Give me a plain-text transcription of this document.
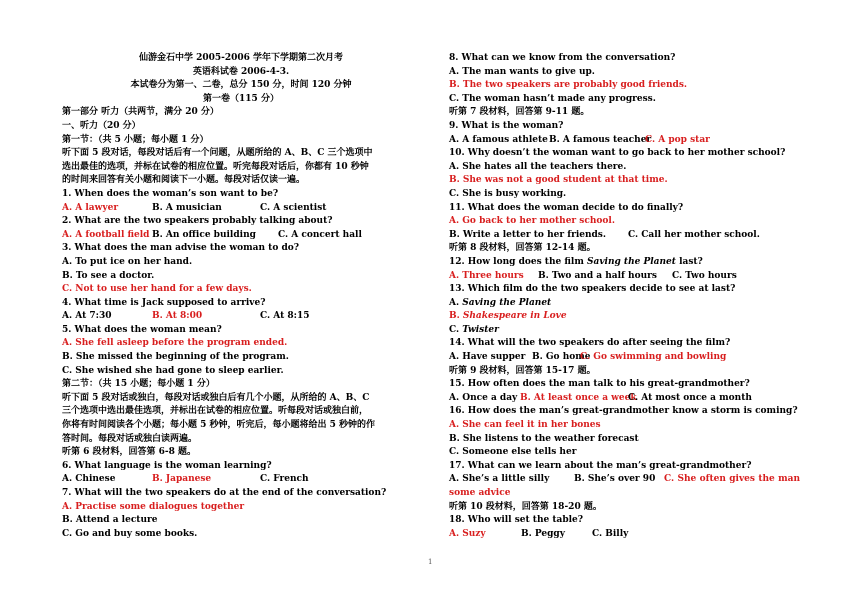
仙游金石中学 2005-2006 学年下学期第二次月考
英语科试卷 2006-4-3.
本试卷分为第一、二卷，总分 150 分，时间 120 分钟
第一卷（115 分）
第一部分 听力（共两节，满分 20 分）
一、听力（20 分）
第一节：（共 5 小题；每小题 1 分）
听下面 5 段对话，每段对话后有一个问题，从题所给的 A、B、C 三个选项中
选出最佳的选项，并标在试卷的相应位置。听完每段对话后，你都有 10 秒钟
的时间来回答有关小题和阅读下一小题。每段对话仅读一遍。
1. When does the woman’s son want to be?
A. A lawyer	B. A musician	C. A scientist
2. What are the two speakers probably talking about?
A. A football field B. An office building C. A concert hall
3. What does the man advise the woman to do?
A. To put ice on her hand.
B. To see a doctor.
C. Not to use her hand for a few days.
4. What time is Jack supposed to arrive?
A. At 7:30	B. At 8:00	C. At 8:15
5. What does the woman mean?
A. She fell asleep before the program ended.
B. She missed the beginning of the program.
C. She wished she had gone to sleep earlier.
第二节：（共 15 小题；每小题 1 分）
听下面 5 段对话或独白，每段对话或独白后有几个小题，从所给的 A、B、C
三个选项中选出最佳选项，并标出在试卷的相应位置。听每段对话或独白前，
你将有时间阅读各个小题；每小题 5 秒钟，听完后，每小题将给出 5 秒钟的作
答时间。每段对话或独白读两遍。
听第 6 段材料，回答第 6-8 题。
6. What language is the woman learning?
A. Chinese	B. Japanese	C. French
7. What will the two speakers do at the end of the conversation?
A. Practise some dialogues together
B. Attend a lecture
C. Go and buy some books.
8. What can we know from the conversation?
A. The man wants to give up.
B. The two speakers are probably good friends.
C. The woman hasn’t made any progress.
听第 7 段材料，回答第 9-11 题。
9. What is the woman?
A. A famous athleteB. A famous teacherC. A pop star
10. Why doesn’t the woman want to go back to her mother school?
A. She hates all the teachers there.
B. She was not a good student at that time.
C. She is busy working.
11. What does the woman decide to do finally?
A. Go back to her mother school.
B. Write a letter to her friends. C. Call her mother school.
听第 8 段材料，回答第 12-14 题。
12. How long does the film Saving the Planet last?
A. Three hours B. Two and a half hours C. Two hours
13. Which film do the two speakers decide to see at last?
A. Saving the Planet
B. Shakespeare in Love
C. Twister
14. What will the two speakers do after seeing the film?
A. Have supper B. Go homeC. Go swimming and bowling
听第 9 段材料，回答第 15-17 题。
15. How often does the man talk to his great-grandmother?
A. Once a day B. At least once a weekC. At most once a month
16. How does the man’s great-grandmother know a storm is coming?
A. She can feel it in her bones
B. She listens to the weather forecast
C. Someone else tells her
17. What can we learn about the man’s great-grandmother?
A. She’s a little silly	B. She’s over 90 C. She often gives the man
some advice
听第 10 段材料，回答第 18-20 题。
18. Who will set the table?
A. Suzy	B. Peggy	C. Billy
1
